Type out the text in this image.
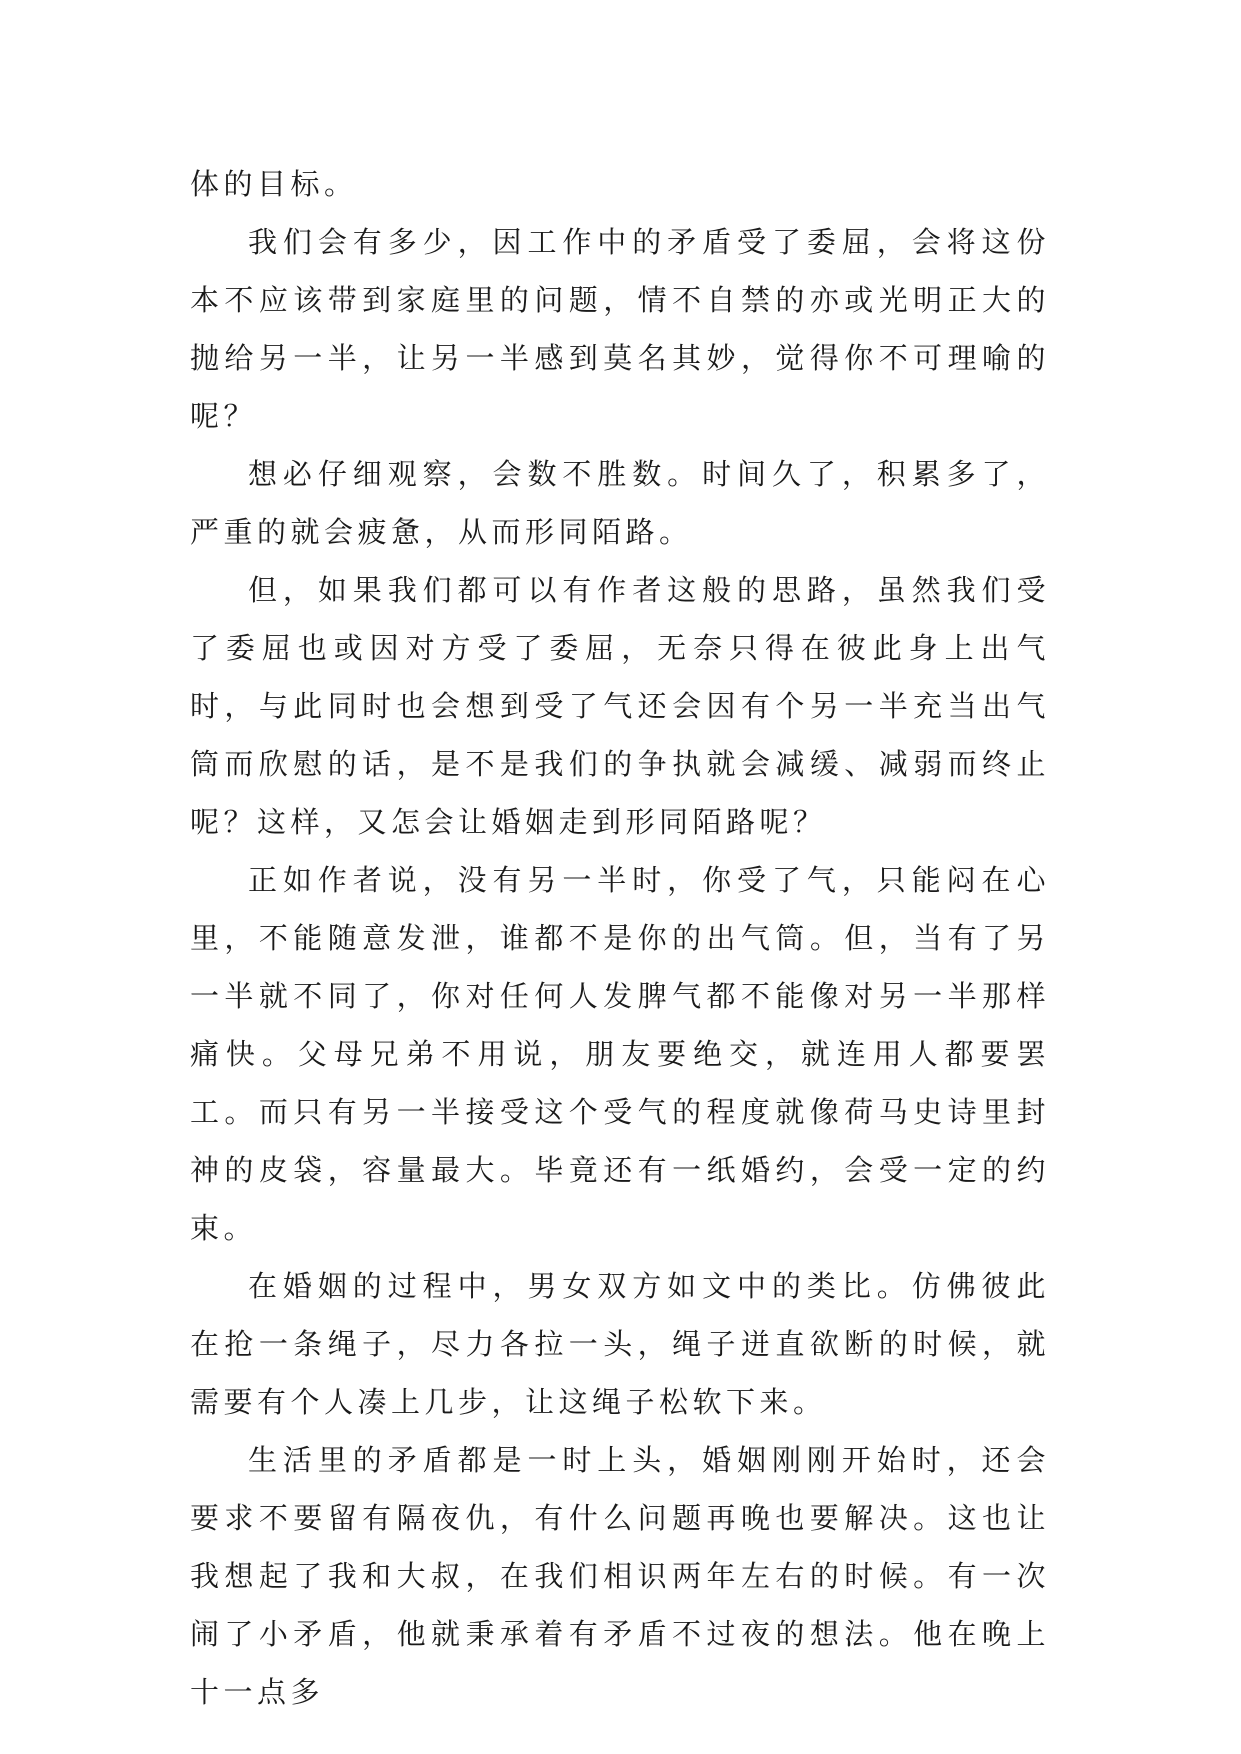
体的目标。

我们会有多少，因工作中的矛盾受了委屈，会将这份本不应该带到家庭里的问题，情不自禁的亦或光明正大的抛给另一半，让另一半感到莫名其妙，觉得你不可理喻的呢？

想必仔细观察，会数不胜数。时间久了，积累多了，严重的就会疲惫，从而形同陌路。

但，如果我们都可以有作者这般的思路，虽然我们受了委屈也或因对方受了委屈，无奈只得在彼此身上出气时，与此同时也会想到受了气还会因有个另一半充当出气筒而欣慰的话，是不是我们的争执就会减缓、减弱而终止呢？这样，又怎会让婚姻走到形同陌路呢？

正如作者说，没有另一半时，你受了气，只能闷在心里，不能随意发泄，谁都不是你的出气筒。但，当有了另一半就不同了，你对任何人发脾气都不能像对另一半那样痛快。父母兄弟不用说，朋友要绝交，就连用人都要罢工。而只有另一半接受这个受气的程度就像荷马史诗里封神的皮袋，容量最大。毕竟还有一纸婚约，会受一定的约束。

在婚姻的过程中，男女双方如文中的类比。仿佛彼此在抢一条绳子，尽力各拉一头，绳子迸直欲断的时候，就需要有个人凑上几步，让这绳子松软下来。

生活里的矛盾都是一时上头，婚姻刚刚开始时，还会要求不要留有隔夜仇，有什么问题再晚也要解决。这也让我想起了我和大叔，在我们相识两年左右的时候。有一次闹了小矛盾，他就秉承着有矛盾不过夜的想法。他在晚上十一点多
